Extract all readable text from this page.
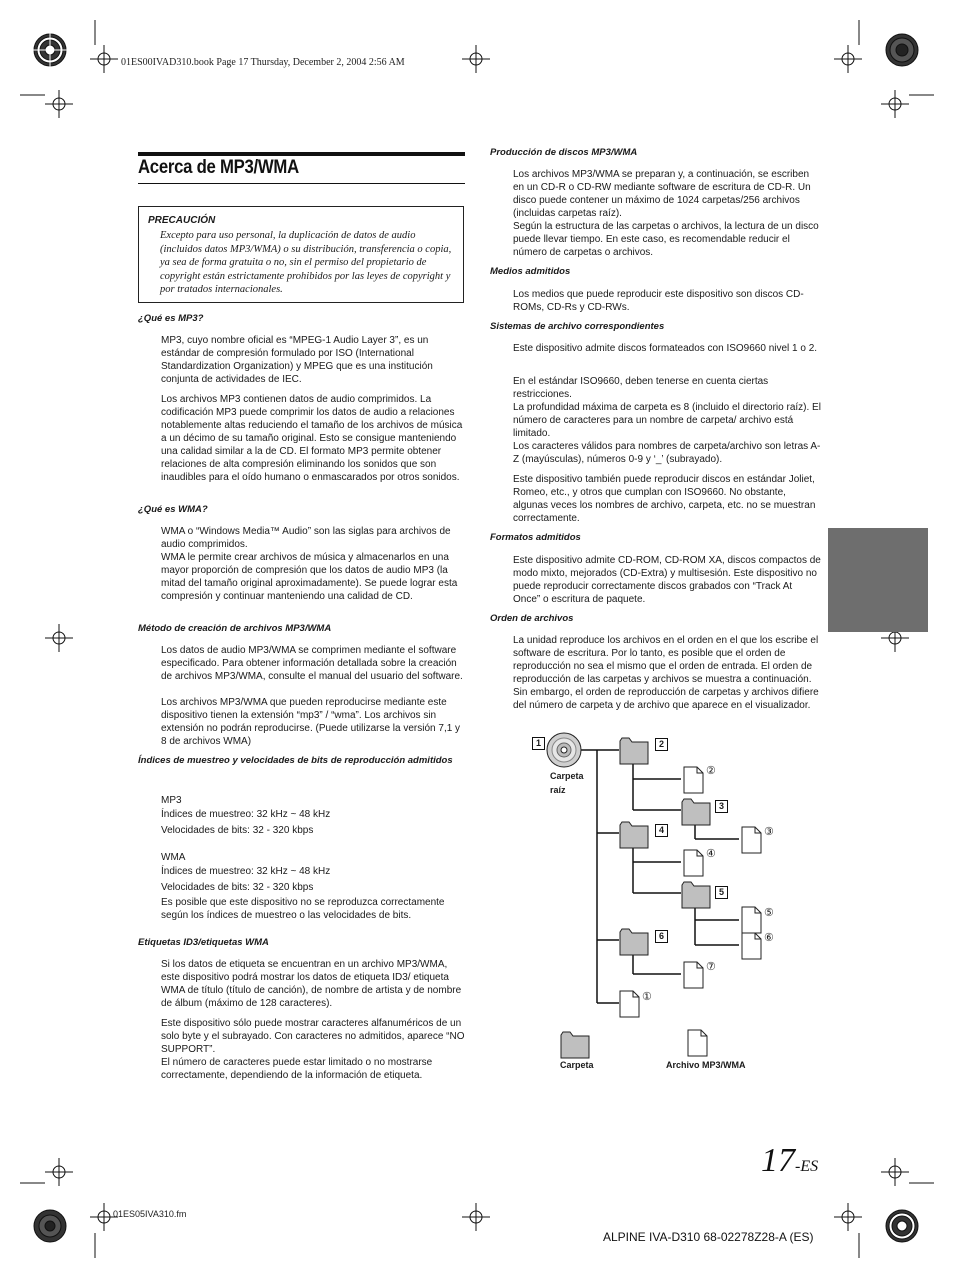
01ES00IVAD310.book Page 17 Thursday, December 2, 2004 2:56 AM
01ES05IVA310.fm
Acerca de MP3/WMA
PRECAUCIÓN
Excepto para uso personal, la duplicación de datos de audio (incluidos datos MP3/WMA) o su distribución, transferencia o copia, ya sea de forma gratuita o no, sin el permiso del propietario de copyright están estrictamente prohibidos por las leyes de copyright y por tratados internacionales.
¿Qué es MP3?
MP3, cuyo nombre oficial es “MPEG-1 Audio Layer 3”, es un estándar de compresión formulado por ISO (International Standardization Organization) y MPEG que es una institución conjunta de actividades de IEC.
Los archivos MP3 contienen datos de audio comprimidos. La codificación MP3 puede comprimir los datos de audio a relaciones notablemente altas reduciendo el tamaño de los archivos de música a un décimo de su tamaño original. Esto se consigue manteniendo una calidad similar a la de CD. El formato MP3 permite obtener relaciones de alta compresión eliminando los sonidos que son inaudibles para el oído humano o enmascarados por otros sonidos.
¿Qué es WMA?
WMA o “Windows Media™ Audio” son las siglas para archivos de audio comprimidos.
WMA le permite crear archivos de música y almacenarlos en una mayor proporción de compresión que los datos de audio MP3 (la mitad del tamaño original aproximadamente). Se puede lograr esta compresión y continuar manteniendo una calidad de CD.
Método de creación de archivos MP3/WMA
Los datos de audio MP3/WMA se comprimen mediante el software especificado. Para obtener información detallada sobre la creación de archivos MP3/WMA, consulte el manual del usuario del software.
Los archivos MP3/WMA que pueden reproducirse mediante este dispositivo tienen la extensión “mp3” / “wma”. Los archivos sin extensión no podrán reproducirse. (Puede utilizarse la versión 7,1 y 8 de archivos WMA)
Índices de muestreo y velocidades de bits de reproducción admitidos
MP3
Índices de muestreo: 32 kHz ~ 48 kHz
Velocidades de bits: 32 - 320 kbps
WMA
Índices de muestreo: 32 kHz ~ 48 kHz
Velocidades de bits: 32 - 320 kbps
Es posible que este dispositivo no se reproduzca correctamente según los índices de muestreo o las velocidades de bits.
Etiquetas ID3/etiquetas WMA
Si los datos de etiqueta se encuentran en un archivo MP3/WMA, este dispositivo podrá mostrar los datos de etiqueta ID3/ etiqueta WMA de título (título de canción), de nombre de artista y de nombre de álbum (máximo de 128 caracteres).
Este dispositivo sólo puede mostrar caracteres alfanuméricos de un solo byte y el subrayado. Con caracteres no admitidos, aparece “NO SUPPORT”.
El número de caracteres puede estar limitado o no mostrarse correctamente, dependiendo de la información de etiqueta.
Producción de discos MP3/WMA
Los archivos MP3/WMA se preparan y, a continuación, se escriben en un CD-R o CD-RW mediante software de escritura de CD-R. Un disco puede contener un máximo de 1024 carpetas/256 archivos (incluidas carpetas raíz).
Según la estructura de las carpetas o archivos, la lectura de un disco puede llevar tiempo. En este caso, es recomendable reducir el número de carpetas o archivos.
Medios admitidos
Los medios que puede reproducir este dispositivo son discos CD-ROMs, CD-Rs y CD-RWs.
Sistemas de archivo correspondientes
Este dispositivo admite discos formateados con ISO9660 nivel 1 o 2.
En el estándar ISO9660, deben tenerse en cuenta ciertas restricciones.
La profundidad máxima de carpeta es 8 (incluido el directorio raíz). El número de caracteres para un nombre de carpeta/ archivo está limitado.
Los caracteres válidos para nombres de carpeta/archivo son letras A-Z (mayúsculas), números 0-9 y ‘_’ (subrayado).
Este dispositivo también puede reproducir discos en estándar Joliet, Romeo, etc., y otros que cumplan con ISO9660. No obstante, algunas veces los nombres de archivo, carpeta, etc. no se muestran correctamente.
Formatos admitidos
Este dispositivo admite CD-ROM, CD-ROM XA, discos compactos de modo mixto, mejorados (CD-Extra) y multisesión. Este dispositivo no puede reproducir correctamente discos grabados con “Track At Once” o escritura de paquete.
Orden de archivos
La unidad reproduce los archivos en el orden en el que los escribe el software de escritura. Por lo tanto, es posible que el orden de reproducción no sea el mismo que el orden de entrada. El orden de reproducción de las carpetas y archivos se muestra a continuación. Sin embargo, el orden de reproducción de carpetas y archivos difiere del número de carpeta y de archivo que aparece en el visualizador.
Carpeta
raíz
Carpeta	Archivo MP3/WMA
1	2
3
4
5
6
②
③
④
⑤
⑥
⑦
①
17-ES
ALPINE IVA-D310 68-02278Z28-A (ES)
